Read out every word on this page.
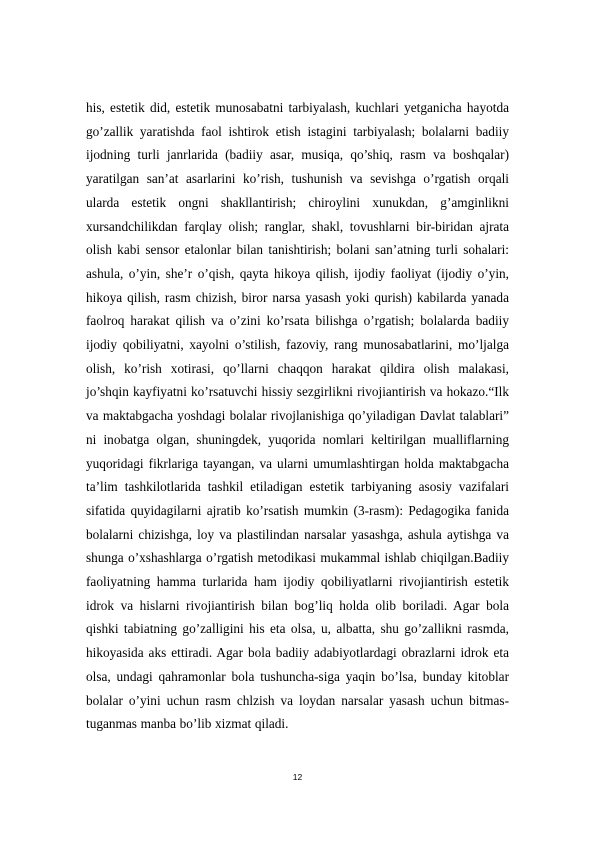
his, estetik did, estetik munosabatni tarbiyalash, kuchlari yetganicha hayotda go’zallik yaratishda faol ishtirok etish istagini tarbiyalash; bolalarni badiiy ijodning turli janrlarida (badiiy asar, musiqa, qo’shiq, rasm va boshqalar) yaratilgan san’at asarlarini ko’rish, tushunish va sevishga o’rgatish orqali ularda estetik ongni shakllantirish; chiroylini xunukdan, g’amginlikni xursandchilikdan farqlay olish; ranglar, shakl, tovushlarni bir-biridan ajrata olish kabi sensor etalonlar bilan tanishtirish; bolani san’atning turli sohalari: ashula, o’yin, she’r o’qish, qayta hikoya qilish, ijodiy faoliyat (ijodiy o’yin, hikoya qilish, rasm chizish, biror narsa yasash yoki qurish) kabilarda yanada faolroq harakat qilish va o’zini ko’rsata bilishga o’rgatish; bolalarda badiiy ijodiy qobiliyatni, xayolni o’stilish, fazoviy, rang munosabatlarini, mo’ljalga olish, ko’rish xotirasi, qo’llarni chaqqon harakat qildira olish malakasi, jo’shqin kayfiyatni ko’rsatuvchi hissiy sezgirlikni rivojiantirish va hokazo.“Ilk va maktabgacha yoshdagi bolalar rivojlanishiga qo’yiladigan Davlat talablari” ni inobatga olgan, shuningdek, yuqorida nomlari keltirilgan mualliflarning yuqoridagi fikrlariga tayangan, va ularni umumlashtirgan holda maktabgacha ta’lim tashkilotlarida tashkil etiladigan estetik tarbiyaning asosiy vazifalari sifatida quyidagilarni ajratib ko’rsatish mumkin (3-rasm): Pedagogika fanida bolalarni chizishga, loy va plastilindan narsalar yasashga, ashula aytishga va shunga o’xshashlarga o’rgatish metodikasi mukammal ishlab chiqilgan.Badiiy faoliyatning hamma turlarida ham ijodiy qobiliyatlarni rivojiantirish estetik idrok va hislarni rivojiantirish bilan bog’liq holda olib boriladi. Agar bola qishki tabiatning go’zalligini his eta olsa, u, albatta, shu go’zallikni rasmda, hikoyasida aks ettiradi. Agar bola badiiy adabiyotlardagi obrazlarni idrok eta olsa, undagi qahramonlar bola tushuncha-siga yaqin bo’lsa, bunday kitoblar bolalar o’yini uchun rasm chlzish va loydan narsalar yasash uchun bitmas-tuganmas manba bo’lib xizmat qiladi.

12
